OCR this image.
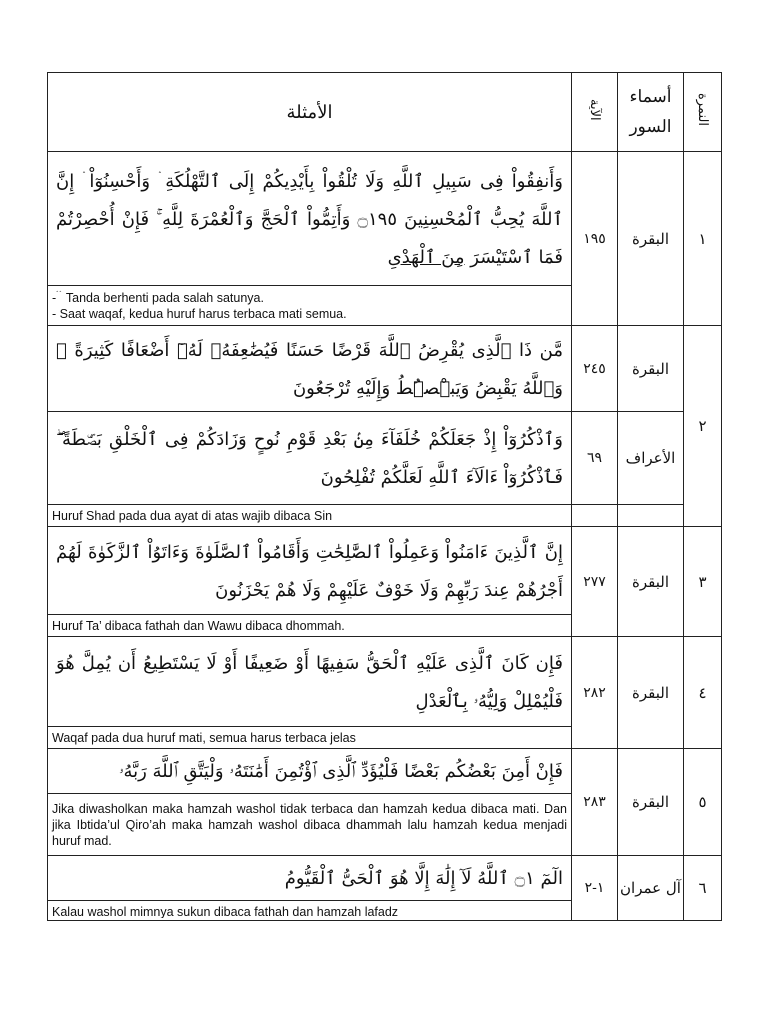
الأمثلة	الآية	أسماء السور	النمرة
وَأَنفِقُواْ فِى سَبِيلِ ٱللَّهِ وَلَا تُلْقُواْ بِأَيْدِيكُمْ إِلَى ٱلتَّهْلُكَةِ ۛ وَأَحْسِنُوٓاْ ۛ إِنَّ ٱللَّهَ يُحِبُّ ٱلْمُحْسِنِينَ ۝١٩٥ وَأَتِمُّواْ ٱلْحَجَّ وَٱلْعُمْرَةَ لِلَّهِ ۚ فَإِنْ أُحْصِرْتُمْ فَمَا ٱسْتَيْسَرَ مِنَ ٱلْهَدْىِ	١٩٥	البقرة	١

- ۛ ۛ Tanda berhenti pada salah satunya.
- Saat waqaf, kedua huruf harus terbaca mati semua.			

مَّن ذَا ٱلَّذِى يُقْرِضُ ٱللَّهَ قَرْضًا حَسَنًا فَيُضَٰعِفَهُۥ لَهُۥٓ أَضْعَافًا كَثِيرَةً ۚ وَٱللَّهُ يَقْبِضُ وَيَبْۜصُۜطُ وَإِلَيْهِ تُرْجَعُونَ	٢٤٥	البقرة	٢
وَٱذْكُرُوٓاْ إِذْ جَعَلَكُمْ خُلَفَآءَ مِنۢ بَعْدِ قَوْمِ نُوحٍ وَزَادَكُمْ فِى ٱلْخَلْقِ بَصْۜطَةً ۖ فَٱذْكُرُوٓاْ ءَالَآءَ ٱللَّهِ لَعَلَّكُمْ تُفْلِحُونَ	٦٩	الأعراف	
Huruf Shad pada dua ayat di atas wajib dibaca Sin			
إِنَّ ٱلَّذِينَ ءَامَنُواْ وَعَمِلُواْ ٱلصَّٰلِحَٰتِ وَأَقَامُواْ ٱلصَّلَوٰةَ وَءَاتَوُاْ ٱلزَّكَوٰةَ لَهُمْ أَجْرُهُمْ عِندَ رَبِّهِمْ وَلَا خَوْفٌ عَلَيْهِمْ وَلَا هُمْ يَحْزَنُونَ	٢٧٧	البقرة	٣
Huruf Ta’ dibaca fathah dan Wawu dibaca dhommah.			
فَإِن كَانَ ٱلَّذِى عَلَيْهِ ٱلْحَقُّ سَفِيهًا أَوْ ضَعِيفًا أَوْ لَا يَسْتَطِيعُ أَن يُمِلَّ هُوَ فَلْيُمْلِلْ وَلِيُّهُۥ بِٱلْعَدْلِ	٢٨٢	البقرة	٤
Waqaf pada dua huruf mati, semua harus terbaca jelas			
فَإِنْ أَمِنَ بَعْضُكُم بَعْضًا فَلْيُؤَدِّ ٱلَّذِى ٱؤْتُمِنَ أَمَٰنَتَهُۥ وَلْيَتَّقِ ٱللَّهَ رَبَّهُۥ	٢٨٣	البقرة	٥
Jika diwasholkan maka hamzah washol tidak terbaca dan hamzah kedua dibaca mati. Dan jika Ibtida’ul Qiro’ah maka hamzah washol dibaca dhammah lalu hamzah kedua menjadi huruf mad.			
الٓمٓ ۝١ ٱللَّهُ لَآ إِلَٰهَ إِلَّا هُوَ ٱلْحَىُّ ٱلْقَيُّومُ	١-٢	آل عمران	٦

Kalau washol mimnya sukun dibaca fathah dan hamzah lafadz			
